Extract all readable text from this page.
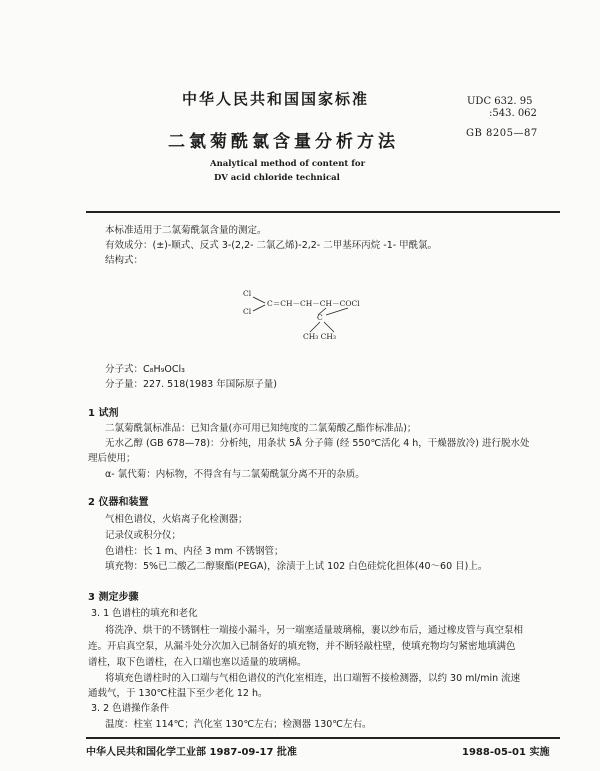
中华人民共和国国家标准	UDC 632. 95
:543. 062
GB 8205—87
二氯菊酰氯含量分析方法
Analytical method of content for
DV acid chloride technical
本标准适用于二氯菊酰氯含量的测定。
有效成分：(±)-顺式、反式 3-(2,2- 二氯乙烯)-2,2- 二甲基环丙烷 -1- 甲酰氯。
结构式：
Cl
Cl
C＝CH－CH－CH－COCl
C
CH₃ CH₃
分子式：C₈H₉OCl₃
分子量：227. 518(1983 年国际原子量)
1 试剂
二氯菊酰氯标准品：已知含量(亦可用已知纯度的二氯菊酸乙酯作标准品)；
无水乙醇 (GB 678—78)：分析纯，用条状 5Å 分子筛 (经 550℃活化 4 h，干燥器放冷) 进行脱水处
理后使用；
α- 氯代菊：内标物，不得含有与二氯菊酰氯分离不开的杂质。
2 仪器和装置
气相色谱仪，火焰离子化检测器；
记录仪或积分仪；
色谱柱：长 1 m、内径 3 mm 不锈钢管；
填充物：5%已二酸乙二醇聚酯(PEGA)，涂渍于上试 102 白色硅烷化担体(40～60 目)上。
3 测定步骤
3. 1 色谱柱的填充和老化
将洗净、烘干的不锈钢柱一端接小漏斗，另一端塞适量玻璃棉，裹以纱布后，通过橡皮管与真空泵相
连。开启真空泵，从漏斗处分次加入已制备好的填充物，并不断轻敲柱壁，使填充物均匀紧密地填满色
谱柱，取下色谱柱，在入口端也塞以适量的玻璃棉。
将填充色谱柱时的入口端与气相色谱仪的汽化室相连，出口端暂不接检测器，以约 30 ml/min 流速
通载气，于 130℃柱温下至少老化 12 h。
3. 2 色谱操作条件
温度：柱室 114℃；汽化室 130℃左右；检测器 130℃左右。
中华人民共和国化学工业部 1987-09-17 批准	1988-05-01 实施
